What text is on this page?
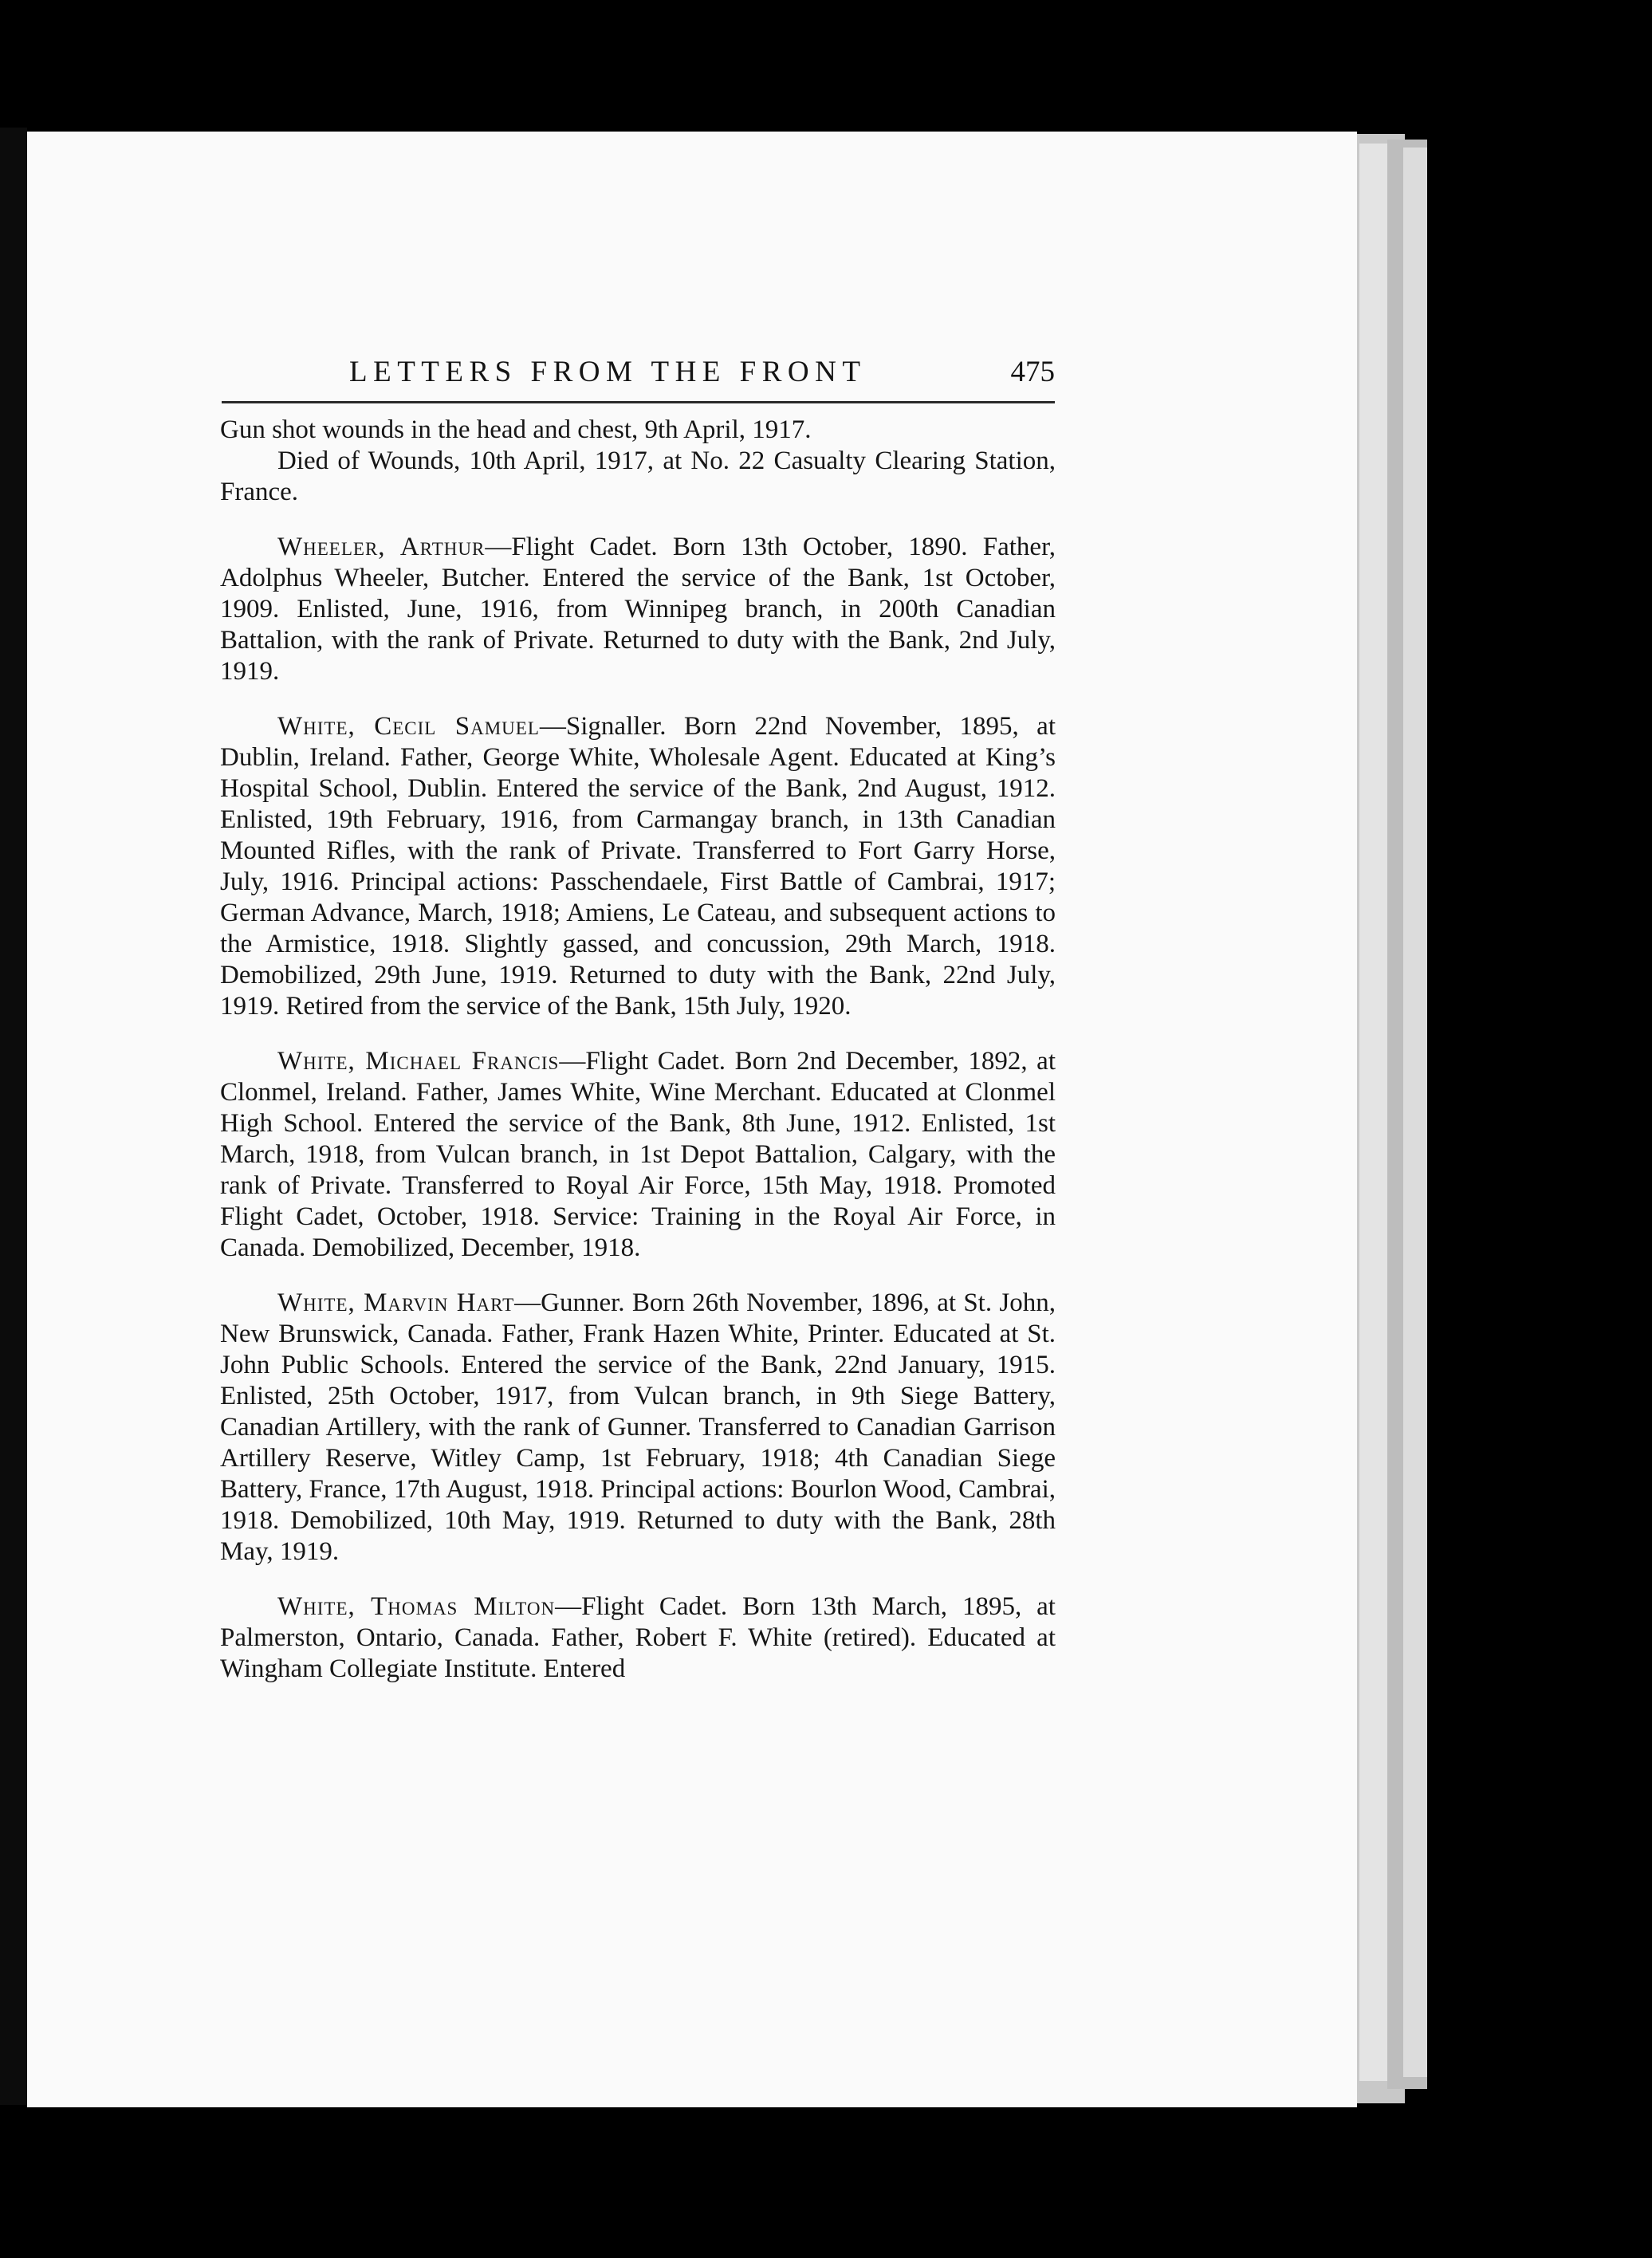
LETTERS FROM THE FRONT	475

Gun shot wounds in the head and chest, 9th April, 1917.

Died of Wounds, 10th April, 1917, at No. 22 Casualty Clearing Station, France.

Wheeler, Arthur—Flight Cadet. Born 13th October, 1890. Father, Adolphus Wheeler, Butcher. Entered the service of the Bank, 1st October, 1909. Enlisted, June, 1916, from Winnipeg branch, in 200th Canadian Battalion, with the rank of Private. Returned to duty with the Bank, 2nd July, 1919.

White, Cecil Samuel—Signaller. Born 22nd November, 1895, at Dublin, Ireland. Father, George White, Wholesale Agent. Educated at King’s Hospital School, Dublin. Entered the service of the Bank, 2nd August, 1912. Enlisted, 19th February, 1916, from Carmangay branch, in 13th Canadian Mounted Rifles, with the rank of Private. Transferred to Fort Garry Horse, July, 1916. Principal actions: Passchendaele, First Battle of Cambrai, 1917; German Advance, March, 1918; Amiens, Le Cateau, and subsequent actions to the Armistice, 1918. Slightly gassed, and concussion, 29th March, 1918. Demobilized, 29th June, 1919. Returned to duty with the Bank, 22nd July, 1919. Retired from the service of the Bank, 15th July, 1920.

White, Michael Francis—Flight Cadet. Born 2nd December, 1892, at Clonmel, Ireland. Father, James White, Wine Merchant. Educated at Clonmel High School. Entered the service of the Bank, 8th June, 1912. Enlisted, 1st March, 1918, from Vulcan branch, in 1st Depot Battalion, Calgary, with the rank of Private. Transferred to Royal Air Force, 15th May, 1918. Promoted Flight Cadet, October, 1918. Service: Training in the Royal Air Force, in Canada. Demobilized, December, 1918.

White, Marvin Hart—Gunner. Born 26th November, 1896, at St. John, New Brunswick, Canada. Father, Frank Hazen White, Printer. Educated at St. John Public Schools. Entered the service of the Bank, 22nd January, 1915. Enlisted, 25th October, 1917, from Vulcan branch, in 9th Siege Battery, Canadian Artillery, with the rank of Gunner. Transferred to Canadian Garrison Artillery Reserve, Witley Camp, 1st February, 1918; 4th Canadian Siege Battery, France, 17th August, 1918. Principal actions: Bourlon Wood, Cambrai, 1918. Demobilized, 10th May, 1919. Returned to duty with the Bank, 28th May, 1919.

White, Thomas Milton—Flight Cadet. Born 13th March, 1895, at Palmerston, Ontario, Canada. Father, Robert F. White (retired). Educated at Wingham Collegiate Institute. Entered
